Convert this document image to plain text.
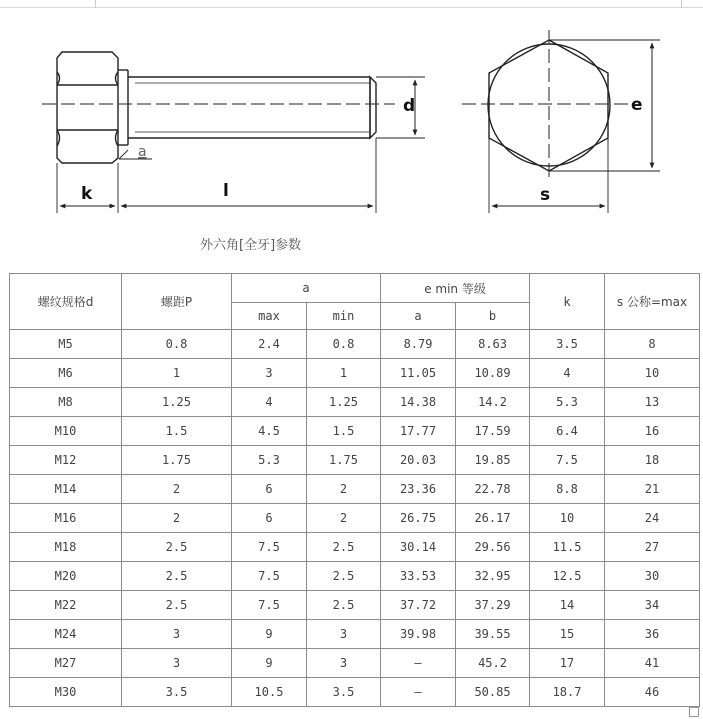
k	l
d
a
e
s
外六角[全牙]参数
螺纹规格d	螺距P	a		e min 等级		k	s 公称=max
		max	min	a	b		
M5	0.8	2.4	0.8	8.79	8.63	3.5	8
M6	1	3	1	11.05	10.89	4	10
M8	1.25	4	1.25	14.38	14.2	5.3	13
M10	1.5	4.5	1.5	17.77	17.59	6.4	16
M12	1.75	5.3	1.75	20.03	19.85	7.5	18
M14	2	6	2	23.36	22.78	8.8	21
M16	2	6	2	26.75	26.17	10	24
M18	2.5	7.5	2.5	30.14	29.56	11.5	27
M20	2.5	7.5	2.5	33.53	32.95	12.5	30
M22	2.5	7.5	2.5	37.72	37.29	14	34
M24	3	9	3	39.98	39.55	15	36
M27	3	9	3	—	45.2	17	41
M30	3.5	10.5	3.5	—	50.85	18.7	46
